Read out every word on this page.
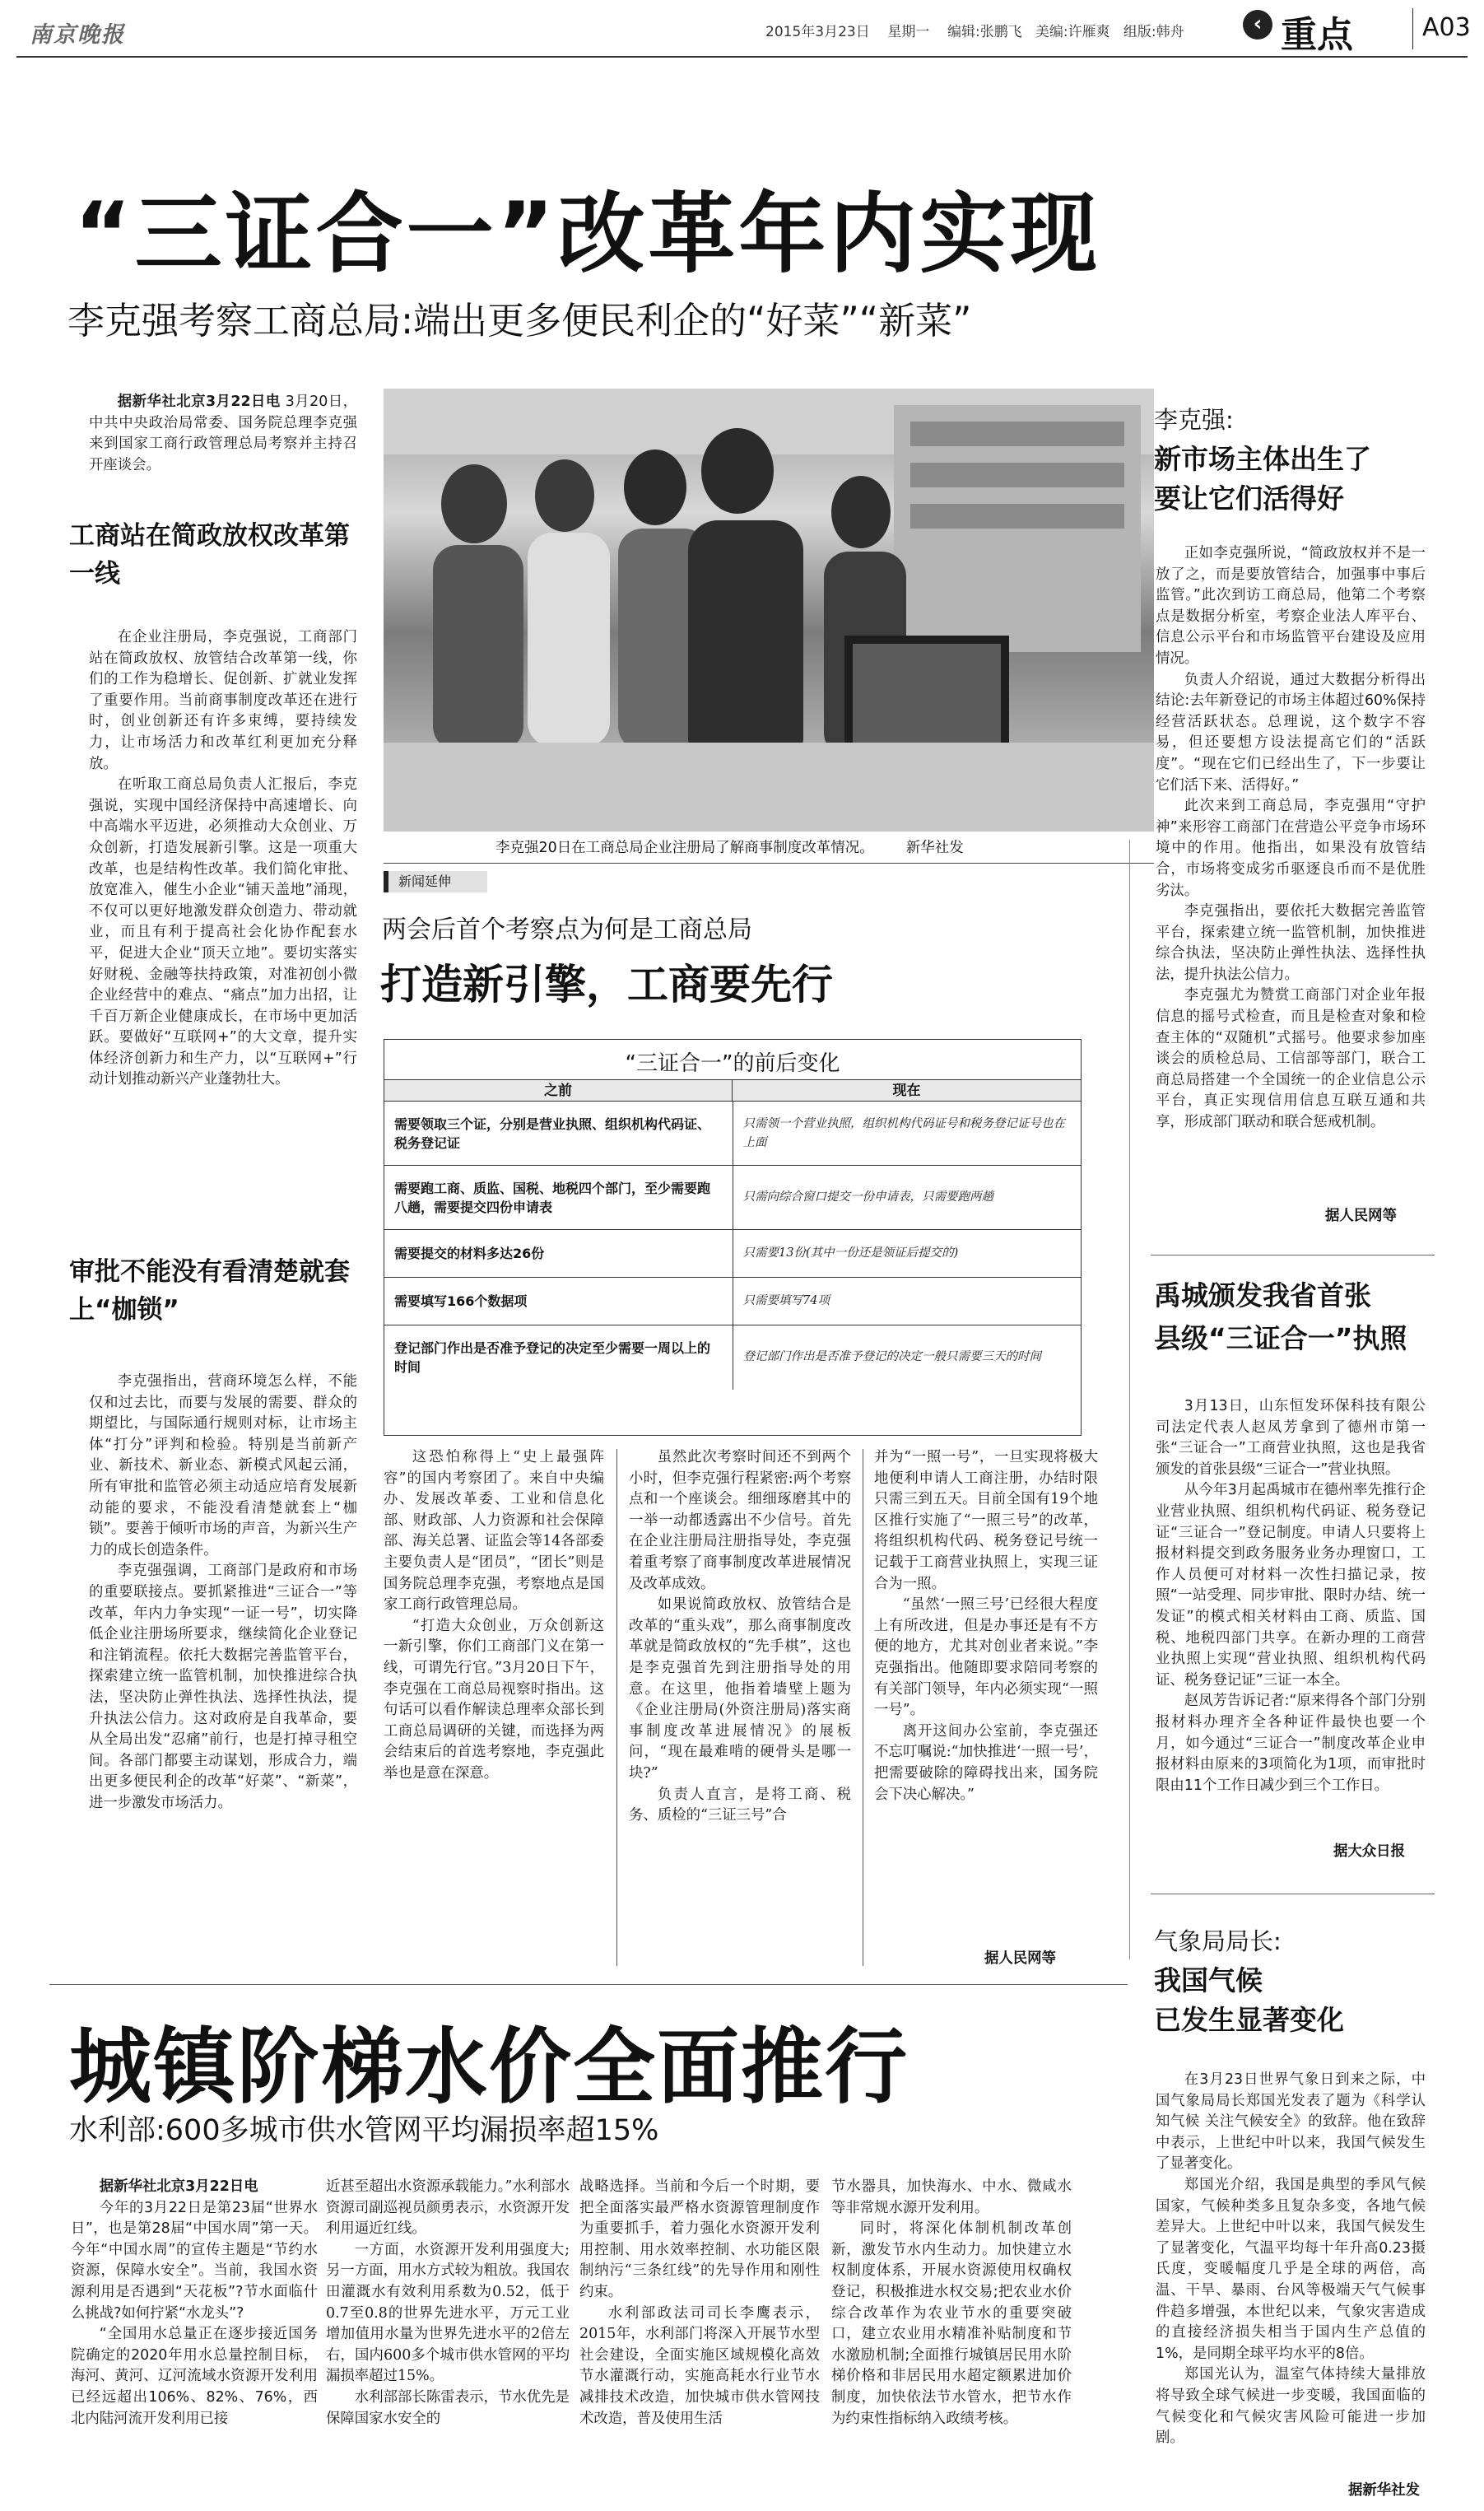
南京晚报	2015年3月23日 星期一 编辑:张鹏飞 美编:许雁爽 组版:韩舟	‹ 重点	A03
“三证合一”改革年内实现
李克强考察工商总局:端出更多便民利企的“好菜”“新菜”

据新华社北京3月22日电 3月20日，中共中央政治局常委、国务院总理李克强来到国家工商行政管理总局考察并主持召开座谈会。

工商站在简政放权改革第一线

在企业注册局，李克强说，工商部门站在简政放权、放管结合改革第一线，你们的工作为稳增长、促创新、扩就业发挥了重要作用。当前商事制度改革还在进行时，创业创新还有许多束缚，要持续发力，让市场活力和改革红利更加充分释放。

在听取工商总局负责人汇报后，李克强说，实现中国经济保持中高速增长、向中高端水平迈进，必须推动大众创业、万众创新，打造发展新引擎。这是一项重大改革，也是结构性改革。我们简化审批、放宽准入，催生小企业“铺天盖地”涌现，不仅可以更好地激发群众创造力、带动就业，而且有利于提高社会化协作配套水平，促进大企业“顶天立地”。要切实落实好财税、金融等扶持政策，对准初创小微企业经营中的难点、“痛点”加力出招，让千百万新企业健康成长，在市场中更加活跃。要做好“互联网+”的大文章，提升实体经济创新力和生产力，以“互联网+”行动计划推动新兴产业蓬勃壮大。

审批不能没有看清楚就套上“枷锁”

李克强指出，营商环境怎么样，不能仅和过去比，而要与发展的需要、群众的期望比，与国际通行规则对标，让市场主体“打分”评判和检验。特别是当前新产业、新技术、新业态、新模式风起云涌，所有审批和监管必须主动适应培育发展新动能的要求，不能没看清楚就套上“枷锁”。要善于倾听市场的声音，为新兴生产力的成长创造条件。

李克强强调，工商部门是政府和市场的重要联接点。要抓紧推进“三证合一”等改革，年内力争实现“一证一号”，切实降低企业注册场所要求，继续简化企业登记和注销流程。依托大数据完善监管平台，探索建立统一监管机制，加快推进综合执法，坚决防止弹性执法、选择性执法，提升执法公信力。这对政府是自我革命，要从全局出发“忍痛”前行，也是打掉寻租空间。各部门都要主动谋划，形成合力，端出更多便民利企的改革“好菜”、“新菜”，进一步激发市场活力。

李克强20日在工商总局企业注册局了解商事制度改革情况。 新华社发
新闻延伸
两会后首个考察点为何是工商总局
打造新引擎，工商要先行
“三证合一”的前后变化
之前	现在
需要领取三个证，分别是营业执照、组织机构代码证、税务登记证	只需领一个营业执照，组织机构代码证号和税务登记证号也在上面
需要跑工商、质监、国税、地税四个部门，至少需要跑八趟，需要提交四份申请表	只需向综合窗口提交一份申请表，只需要跑两趟
需要提交的材料多达26份	只需要13份(其中一份还是领证后提交的)
需要填写166个数据项	只需要填写74项
登记部门作出是否准予登记的决定至少需要一周以上的时间	登记部门作出是否准予登记的决定一般只需要三天的时间

这恐怕称得上“史上最强阵容”的国内考察团了。来自中央编办、发展改革委、工业和信息化部、财政部、人力资源和社会保障部、海关总署、证监会等14各部委主要负责人是“团员”，“团长”则是国务院总理李克强，考察地点是国家工商行政管理总局。

“打造大众创业，万众创新这一新引擎，你们工商部门义在第一线，可谓先行官。”3月20日下午，李克强在工商总局视察时指出。这句话可以看作解读总理率众部长到工商总局调研的关键，而选择为两会结束后的首选考察地，李克强此举也是意在深意。

虽然此次考察时间还不到两个小时，但李克强行程紧密:两个考察点和一个座谈会。细细琢磨其中的一举一动都透露出不少信号。首先在企业注册局注册指导处，李克强着重考察了商事制度改革进展情况及改革成效。

如果说简政放权、放管结合是改革的“重头戏”，那么商事制度改革就是简政放权的“先手棋”，这也是李克强首先到注册指导处的用意。在这里，他指着墙壁上题为《企业注册局(外资注册局)落实商事制度改革进展情况》的展板问，“现在最难啃的硬骨头是哪一块?”

负责人直言，是将工商、税务、质检的“三证三号”合

并为“一照一号”，一旦实现将极大地便利申请人工商注册，办结时限只需三到五天。目前全国有19个地区推行实施了“一照三号”的改革，将组织机构代码、税务登记号统一记载于工商营业执照上，实现三证合为一照。

“虽然‘一照三号’已经很大程度上有所改进，但是办事还是有不方便的地方，尤其对创业者来说。”李克强指出。他随即要求陪同考察的有关部门领导，年内必须实现“一照一号”。

离开这间办公室前，李克强还不忘叮嘱说:“加快推进‘一照一号’，把需要破除的障碍找出来，国务院会下决心解决。”

据人民网等
李克强:
新市场主体出生了
要让它们活得好

正如李克强所说，“简政放权并不是一放了之，而是要放管结合，加强事中事后监管。”此次到访工商总局，他第二个考察点是数据分析室，考察企业法人库平台、信息公示平台和市场监管平台建设及应用情况。

负责人介绍说，通过大数据分析得出结论:去年新登记的市场主体超过60%保持经营活跃状态。总理说，这个数字不容易，但还要想方设法提高它们的“活跃度”。“现在它们已经出生了，下一步要让它们活下来、活得好。”

此次来到工商总局，李克强用“守护神”来形容工商部门在营造公平竞争市场环境中的作用。他指出，如果没有放管结合，市场将变成劣币驱逐良币而不是优胜劣汰。

李克强指出，要依托大数据完善监管平台，探索建立统一监管机制，加快推进综合执法，坚决防止弹性执法、选择性执法，提升执法公信力。

李克强尤为赞赏工商部门对企业年报信息的摇号式检查，而且是检查对象和检查主体的“双随机”式摇号。他要求参加座谈会的质检总局、工信部等部门，联合工商总局搭建一个全国统一的企业信息公示平台，真正实现信用信息互联互通和共享，形成部门联动和联合惩戒机制。

据人民网等
禹城颁发我省首张
县级“三证合一”执照

3月13日，山东恒发环保科技有限公司法定代表人赵凤芳拿到了德州市第一张“三证合一”工商营业执照，这也是我省颁发的首张县级“三证合一”营业执照。

从今年3月起禹城市在德州率先推行企业营业执照、组织机构代码证、税务登记证“三证合一”登记制度。申请人只要将上报材料提交到政务服务业务办理窗口，工作人员便可对材料一次性扫描记录，按照“一站受理、同步审批、限时办结、统一发证”的模式相关材料由工商、质监、国税、地税四部门共享。在新办理的工商营业执照上实现“营业执照、组织机构代码证、税务登记证”三证一本全。

赵凤芳告诉记者:“原来得各个部门分别报材料办理齐全各种证件最快也要一个月，如今通过“三证合一”制度改革企业申报材料由原来的3项简化为1项，而审批时限由11个工作日减少到三个工作日。

据大众日报
气象局局长:
我国气候
已发生显著变化

在3月23日世界气象日到来之际，中国气象局局长郑国光发表了题为《科学认知气候 关注气候安全》的致辞。他在致辞中表示，上世纪中叶以来，我国气候发生了显著变化。

郑国光介绍，我国是典型的季风气候国家，气候种类多且复杂多变，各地气候差异大。上世纪中叶以来，我国气候发生了显著变化，气温平均每十年升高0.23摄氏度，变暖幅度几乎是全球的两倍，高温、干旱、暴雨、台风等极端天气气候事件趋多增强，本世纪以来，气象灾害造成的直接经济损失相当于国内生产总值的1%，是同期全球平均水平的8倍。

郑国光认为，温室气体持续大量排放将导致全球气候进一步变暖，我国面临的气候变化和气候灾害风险可能进一步加剧。

据新华社发
城镇阶梯水价全面推行
水利部:600多城市供水管网平均漏损率超15%

据新华社北京3月22日电

今年的3月22日是第23届“世界水日”，也是第28届“中国水周”第一天。今年“中国水周”的宣传主题是“节约水资源，保障水安全”。当前，我国水资源利用是否遇到“天花板”?节水面临什么挑战?如何拧紧“水龙头”?

“全国用水总量正在逐步接近国务院确定的2020年用水总量控制目标，海河、黄河、辽河流域水资源开发利用已经远超出106%、82%、76%，西北内陆河流开发利用已接

近甚至超出水资源承载能力。”水利部水资源司副巡视员颜勇表示，水资源开发利用逼近红线。

一方面，水资源开发利用强度大;另一方面，用水方式较为粗放。我国农田灌溉水有效利用系数为0.52，低于0.7至0.8的世界先进水平，万元工业增加值用水量为世界先进水平的2倍左右，国内600多个城市供水管网的平均漏损率超过15%。

水利部部长陈雷表示，节水优先是保障国家水安全的

战略选择。当前和今后一个时期，要把全面落实最严格水资源管理制度作为重要抓手，着力强化水资源开发利用控制、用水效率控制、水功能区限制纳污“三条红线”的先导作用和刚性约束。

水利部政法司司长李鹰表示，2015年，水利部门将深入开展节水型社会建设，全面实施区域规模化高效节水灌溉行动，实施高耗水行业节水减排技术改造，加快城市供水管网技术改造，普及使用生活

节水器具，加快海水、中水、微咸水等非常规水源开发利用。

同时，将深化体制机制改革创新，激发节水内生动力。加快建立水权制度体系，开展水资源使用权确权登记，积极推进水权交易;把农业水价综合改革作为农业节水的重要突破口，建立农业用水精准补贴制度和节水激励机制;全面推行城镇居民用水阶梯价格和非居民用水超定额累进加价制度，加快依法节水管水，把节水作为约束性指标纳入政绩考核。
